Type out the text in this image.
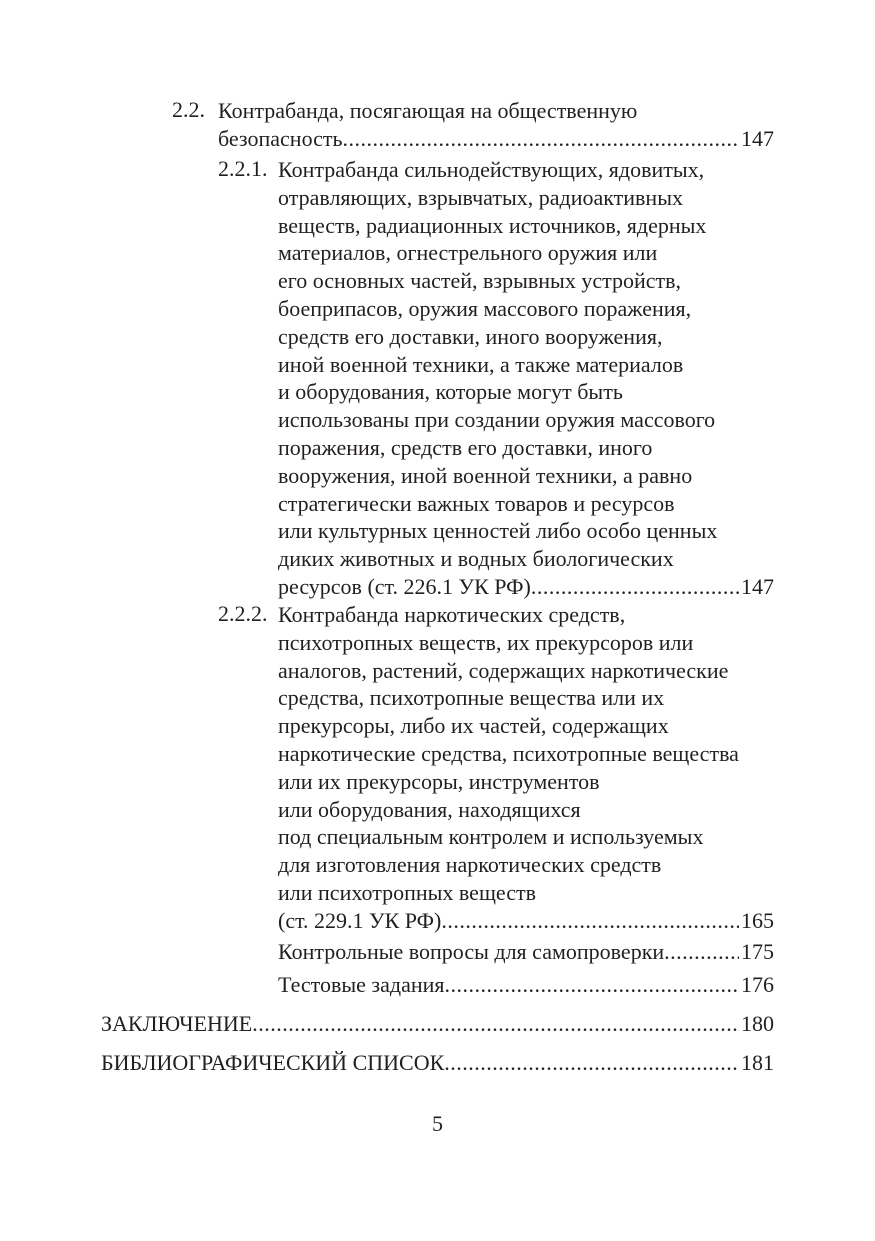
2.2. Контрабанда, посягающая на общественную
безопасность .....	147
2.2.1. Контрабанда сильнодействующих, ядовитых,
отравляющих, взрывчатых, радиоактивных
веществ, радиационных источников, ядерных
материалов, огнестрельного оружия или
его основных частей, взрывных устройств,
боеприпасов, оружия массового поражения,
средств его доставки, иного вооружения,
иной военной техники, а также материалов
и оборудования, которые могут быть
использованы при создании оружия массового
поражения, средств его доставки, иного
вооружения, иной военной техники, а равно
стратегически важных товаров и ресурсов
или культурных ценностей либо особо ценных
диких животных и водных биологических
ресурсов (ст. 226.1 УК РФ) .....	147
2.2.2. Контрабанда наркотических средств,
психотропных веществ, их прекурсоров или
аналогов, растений, содержащих наркотические
средства, психотропные вещества или их
прекурсоры, либо их частей, содержащих
наркотические средства, психотропные вещества
или их прекурсоры, инструментов
или оборудования, находящихся
под специальным контролем и используемых
для изготовления наркотических средств
или психотропных веществ
(ст. 229.1 УК РФ) .....	165
Контрольные вопросы для самопроверки .....	175
Тестовые задания .....	176
ЗАКЛЮЧЕНИЕ .....	180
БИБЛИОГРАФИЧЕСКИЙ СПИСОК .....	181
5
